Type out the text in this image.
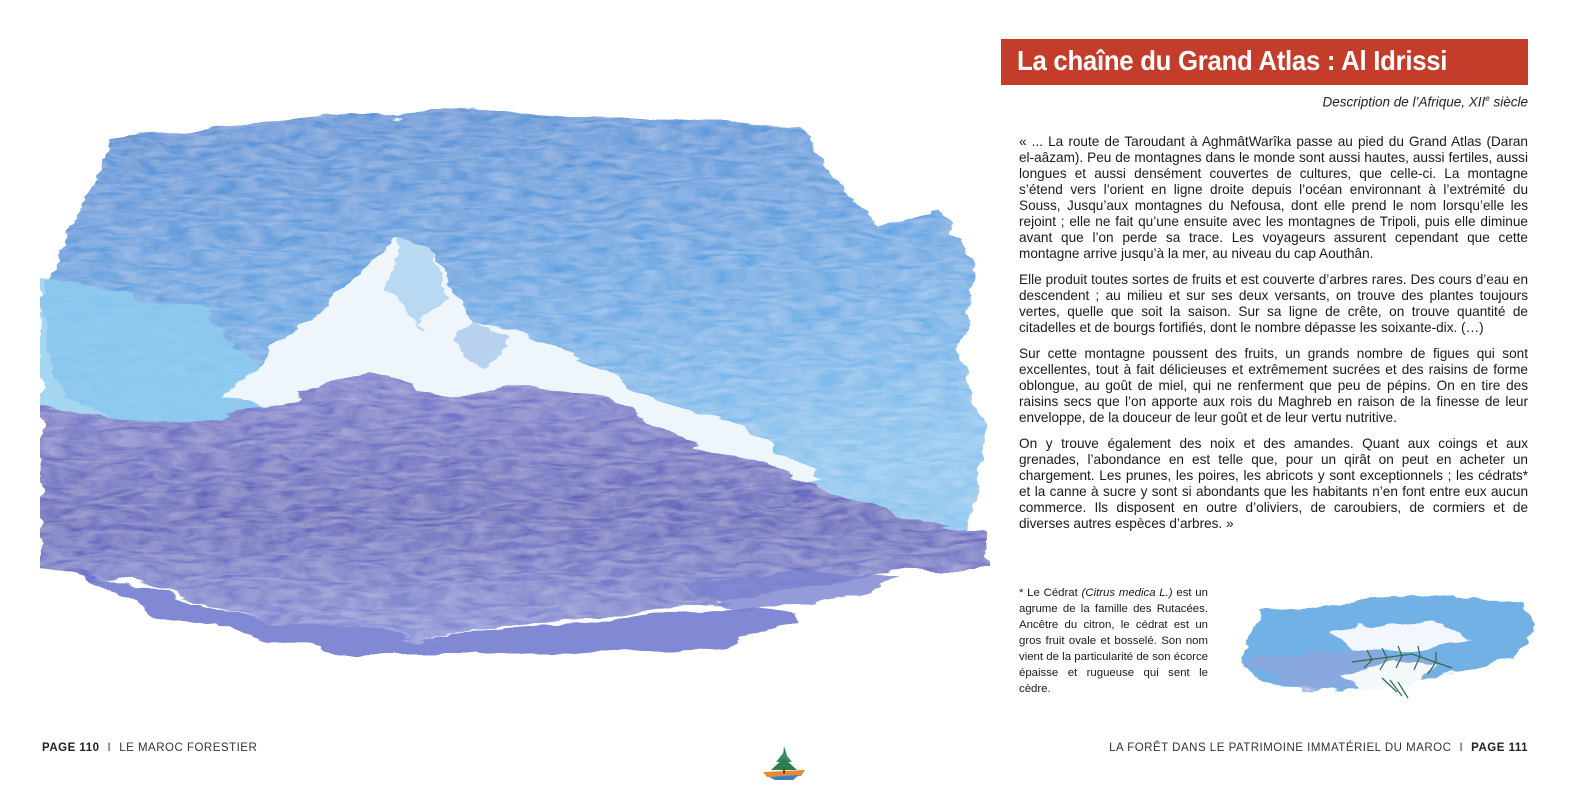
La chaîne du Grand Atlas : Al Idrissi
Description de l’Afrique, XIIe siècle

« ... La route de Taroudant à AghmâtWarîka passe au pied du Grand Atlas (Daran el-aâzam). Peu de montagnes dans le monde sont aussi hautes, aussi fertiles, aussi longues et aussi densément couvertes de cultures, que celle-ci. La montagne s’étend vers l’orient en ligne droite depuis l’océan environnant à l’extrémité du Souss, Jusqu’aux montagnes du Nefousa, dont elle prend le nom lorsqu’elle les rejoint ; elle ne fait qu’une ensuite avec les montagnes de Tripoli, puis elle diminue avant que l’on perde sa trace. Les voyageurs assurent cependant que cette montagne arrive jusqu’à la mer, au niveau du cap Aouthân.

Elle produit toutes sortes de fruits et est couverte d’arbres rares. Des cours d’eau en descendent ; au milieu et sur ses deux versants, on trouve des plantes toujours vertes, quelle que soit la saison. Sur sa ligne de crête, on trouve quantité de citadelles et de bourgs fortifiés, dont le nombre dépasse les soixante-dix. (…)

Sur cette montagne poussent des fruits, un grands nombre de figues qui sont excellentes, tout à fait délicieuses et extrêmement sucrées et des raisins de forme oblongue, au goût de miel, qui ne renferment que peu de pépins. On en tire des raisins secs que l’on apporte aux rois du Maghreb en raison de la finesse de leur enveloppe, de la douceur de leur goût et de leur vertu nutritive.

On y trouve également des noix et des amandes. Quant aux coings et aux grenades, l’abondance en est telle que, pour un qirât on peut en acheter un chargement. Les prunes, les poires, les abricots y sont exceptionnels ; les cédrats* et la canne à sucre y sont si abondants que les habitants n’en font entre eux aucun commerce. Ils disposent en outre d’oliviers, de caroubiers, de cormiers et de diverses autres espèces d’arbres. »

* Le Cédrat (Citrus medica L.) est un agrume de la famille des Rutacées. Ancêtre du citron, le cédrat est un gros fruit ovale et bosselé. Son nom vient de la particularité de son écorce épaisse et rugueuse qui sent le cèdre.
PAGE 110 I LE MAROC FORESTIER	LA FORÊT DANS LE PATRIMOINE IMMATÉRIEL DU MAROC I PAGE 111
